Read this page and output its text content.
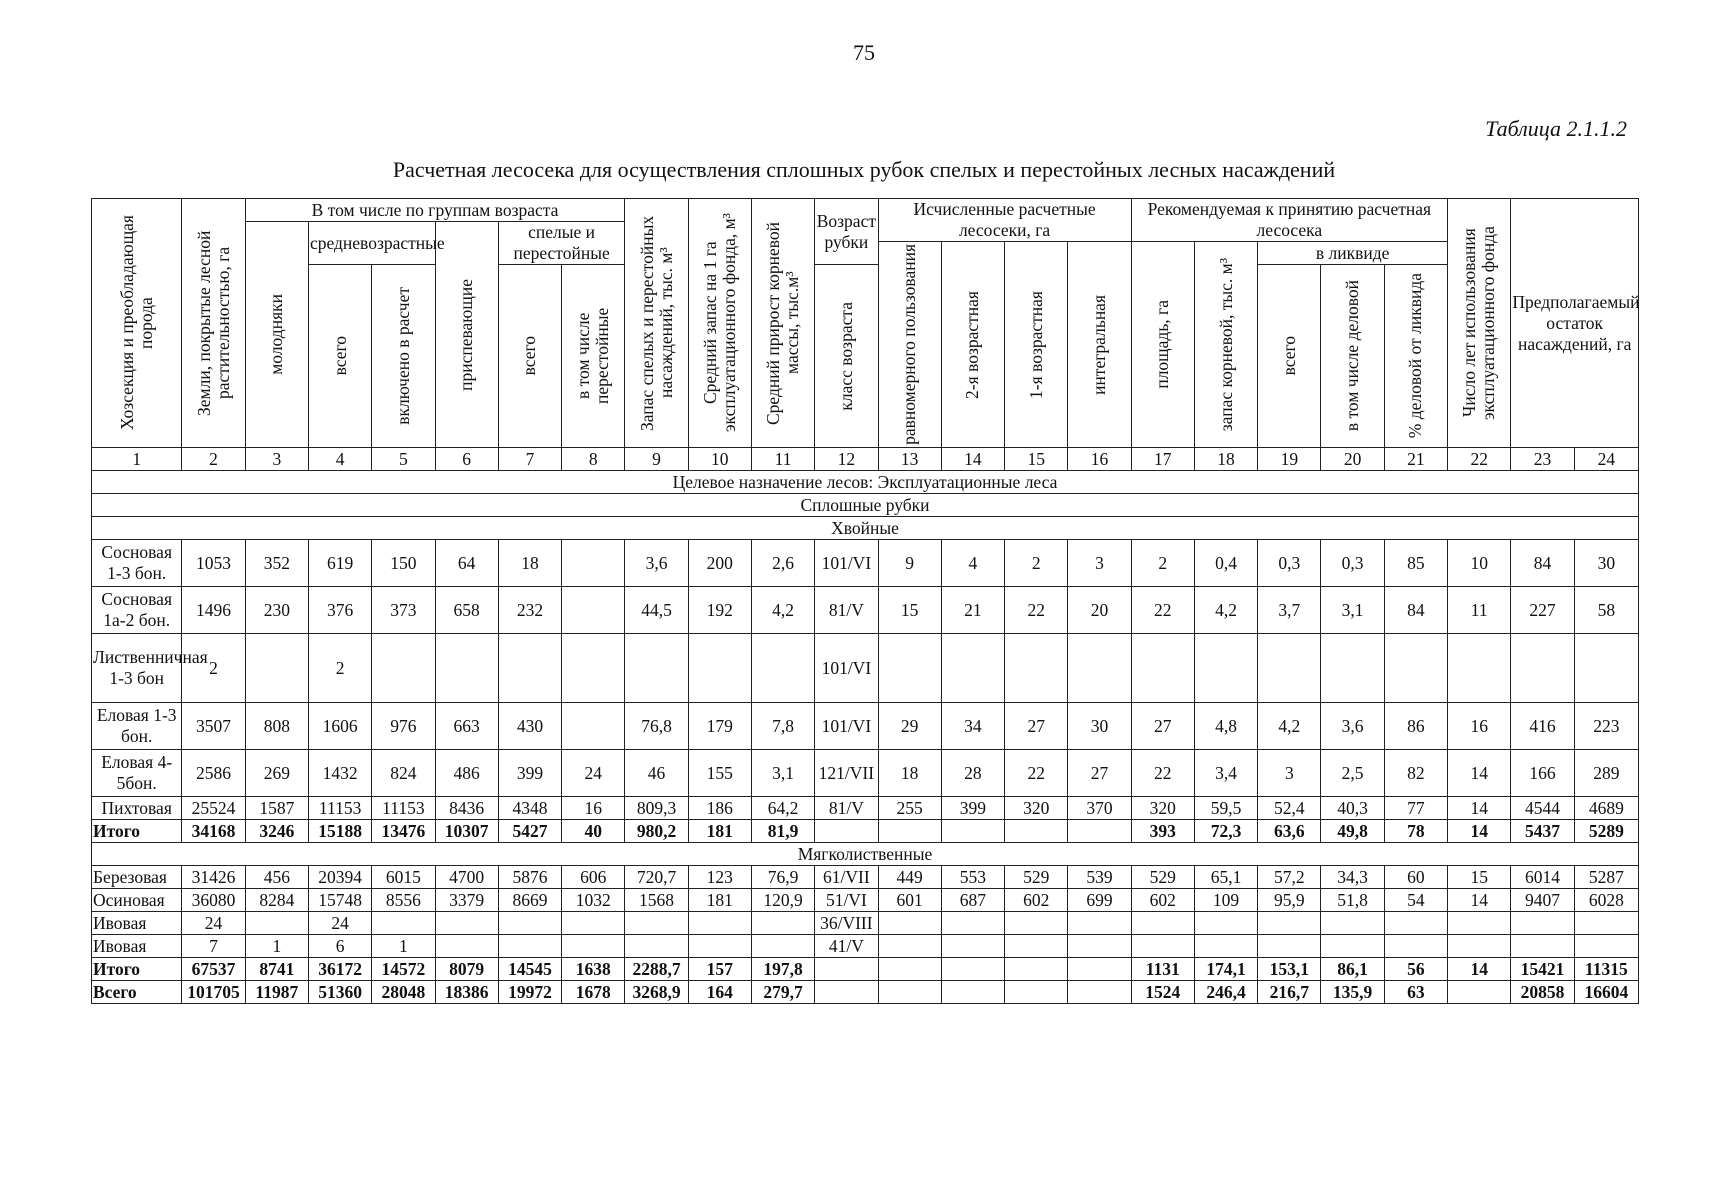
75
Таблица 2.1.1.2
Расчетная лесосека для осуществления сплошных рубок спелых и перестойных лесных насаждений
Хозсекция и преобладающая порода	Земли, покрытые лесной растительностью, га	В том числе по группам возраста						Запас спелых и перестойных насаждений, тыс. м³	Средний запас на 1 га эксплуатационного фонда, м³	Средний прирост корневой массы, тыс.м³	Возраст рубки	Исчисленные расчетные лесосеки, га				Рекомендуемая к принятию расчетная лесосека					Число лет использования эксплуатационного фонда	Предполагаемый остаток насаждений, га	

		молодняки	средневозрастные		приспевающие	спелые и перестойные																	

												равномерного пользования	2-я возрастная	1-я возрастная	интегральная	площадь, га	запас корневой, тыс. м³	в ликвиде					

			всего	включено в расчет		всего	в том числе перестойные				класс возраста							всего	в том числе деловой	% деловой от ликвида			

1	2	3	4	5	6	7	8	9	10	11	12	13	14	15	16	17	18	19	20	21	22	23	24
Целевое назначение лесов: Эксплуатационные леса																							
Сплошные рубки																							
Хвойные																							
Сосновая 1-3 бон.	1053	352	619	150	64	18		3,6	200	2,6	101/VI	9	4	2	3	2	0,4	0,3	0,3	85	10	84	30
Сосновая 1а-2 бон.	1496	230	376	373	658	232		44,5	192	4,2	81/V	15	21	22	20	22	4,2	3,7	3,1	84	11	227	58
Лиственничная 1-3 бон	2		2								101/VI												
Еловая 1-3 бон.	3507	808	1606	976	663	430		76,8	179	7,8	101/VI	29	34	27	30	27	4,8	4,2	3,6	86	16	416	223
Еловая 4-5бон.	2586	269	1432	824	486	399	24	46	155	3,1	121/VII	18	28	22	27	22	3,4	3	2,5	82	14	166	289
Пихтовая	25524	1587	11153	11153	8436	4348	16	809,3	186	64,2	81/V	255	399	320	370	320	59,5	52,4	40,3	77	14	4544	4689
Итого	34168	3246	15188	13476	10307	5427	40	980,2	181	81,9						393	72,3	63,6	49,8	78	14	5437	5289
Мягколиственные																							
Березовая	31426	456	20394	6015	4700	5876	606	720,7	123	76,9	61/VII	449	553	529	539	529	65,1	57,2	34,3	60	15	6014	5287
Осиновая	36080	8284	15748	8556	3379	8669	1032	1568	181	120,9	51/VI	601	687	602	699	602	109	95,9	51,8	54	14	9407	6028
Ивовая	24		24								36/VIII												
Ивовая	7	1	6	1							41/V												
Итого	67537	8741	36172	14572	8079	14545	1638	2288,7	157	197,8						1131	174,1	153,1	86,1	56	14	15421	11315
Всего	101705	11987	51360	28048	18386	19972	1678	3268,9	164	279,7						1524	246,4	216,7	135,9	63		20858	16604
